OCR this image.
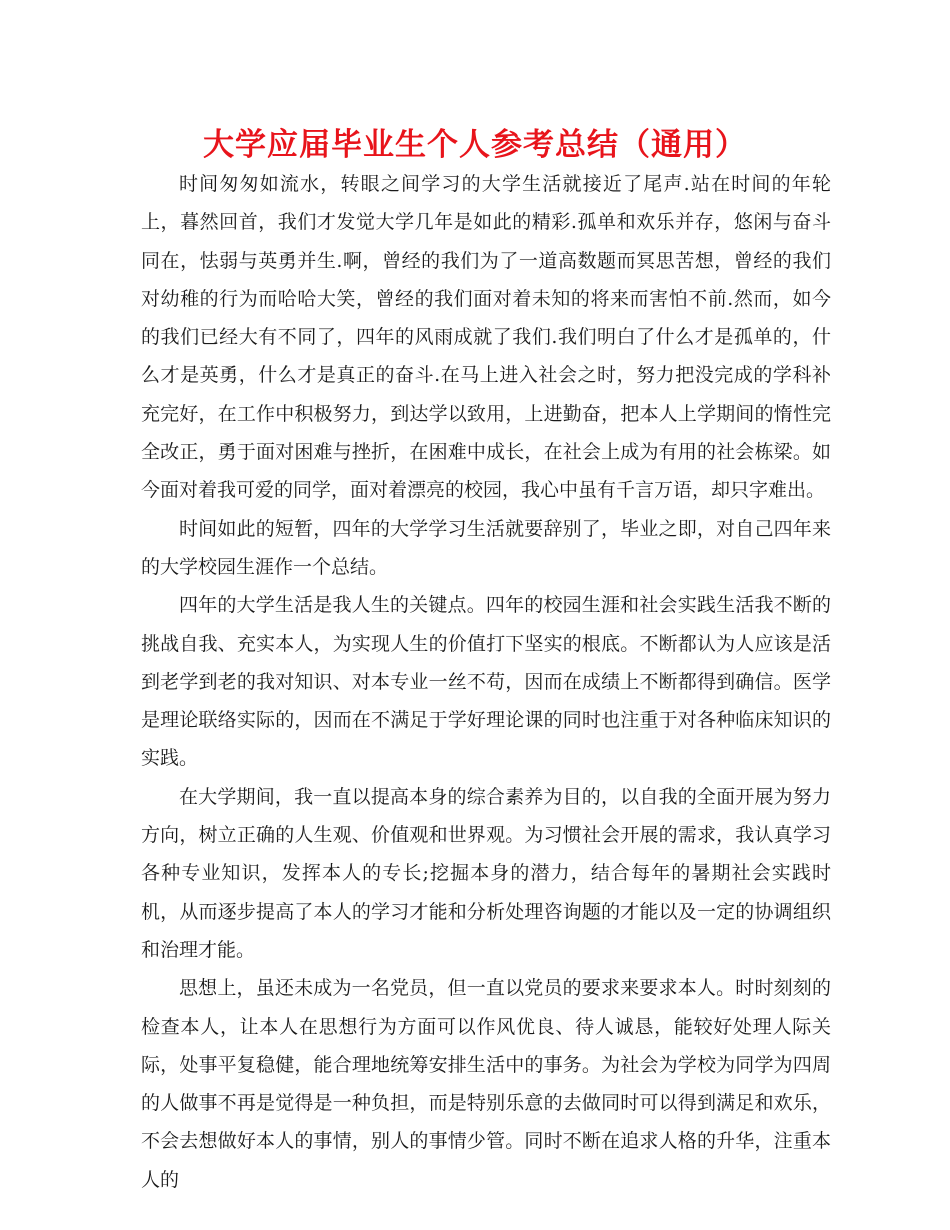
大学应届毕业生个人参考总结（通用）

时间匆匆如流水，转眼之间学习的大学生活就接近了尾声.站在时间的年轮上，暮然回首，我们才发觉大学几年是如此的精彩.孤单和欢乐并存，悠闲与奋斗同在，怯弱与英勇并生.啊，曾经的我们为了一道高数题而冥思苦想，曾经的我们对幼稚的行为而哈哈大笑，曾经的我们面对着未知的将来而害怕不前.然而，如今的我们已经大有不同了，四年的风雨成就了我们.我们明白了什么才是孤单的，什么才是英勇，什么才是真正的奋斗.在马上进入社会之时，努力把没完成的学科补充完好，在工作中积极努力，到达学以致用，上进勤奋，把本人上学期间的惰性完全改正，勇于面对困难与挫折，在困难中成长，在社会上成为有用的社会栋梁。如今面对着我可爱的同学，面对着漂亮的校园，我心中虽有千言万语，却只字难出。

时间如此的短暂，四年的大学学习生活就要辞别了，毕业之即，对自己四年来的大学校园生涯作一个总结。

四年的大学生活是我人生的关键点。四年的校园生涯和社会实践生活我不断的挑战自我、充实本人，为实现人生的价值打下坚实的根底。不断都认为人应该是活到老学到老的我对知识、对本专业一丝不苟，因而在成绩上不断都得到确信。医学是理论联络实际的，因而在不满足于学好理论课的同时也注重于对各种临床知识的实践。

在大学期间，我一直以提高本身的综合素养为目的，以自我的全面开展为努力方向，树立正确的人生观、价值观和世界观。为习惯社会开展的需求，我认真学习各种专业知识，发挥本人的专长;挖掘本身的潜力，结合每年的暑期社会实践时机，从而逐步提高了本人的学习才能和分析处理咨询题的才能以及一定的协调组织和治理才能。

思想上，虽还未成为一名党员，但一直以党员的要求来要求本人。时时刻刻的检查本人，让本人在思想行为方面可以作风优良、待人诚恳，能较好处理人际关际，处事平复稳健，能合理地统筹安排生活中的事务。为社会为学校为同学为四周的人做事不再是觉得是一种负担，而是特别乐意的去做同时可以得到满足和欢乐，不会去想做好本人的事情，别人的事情少管。同时不断在追求人格的升华，注重本人的
